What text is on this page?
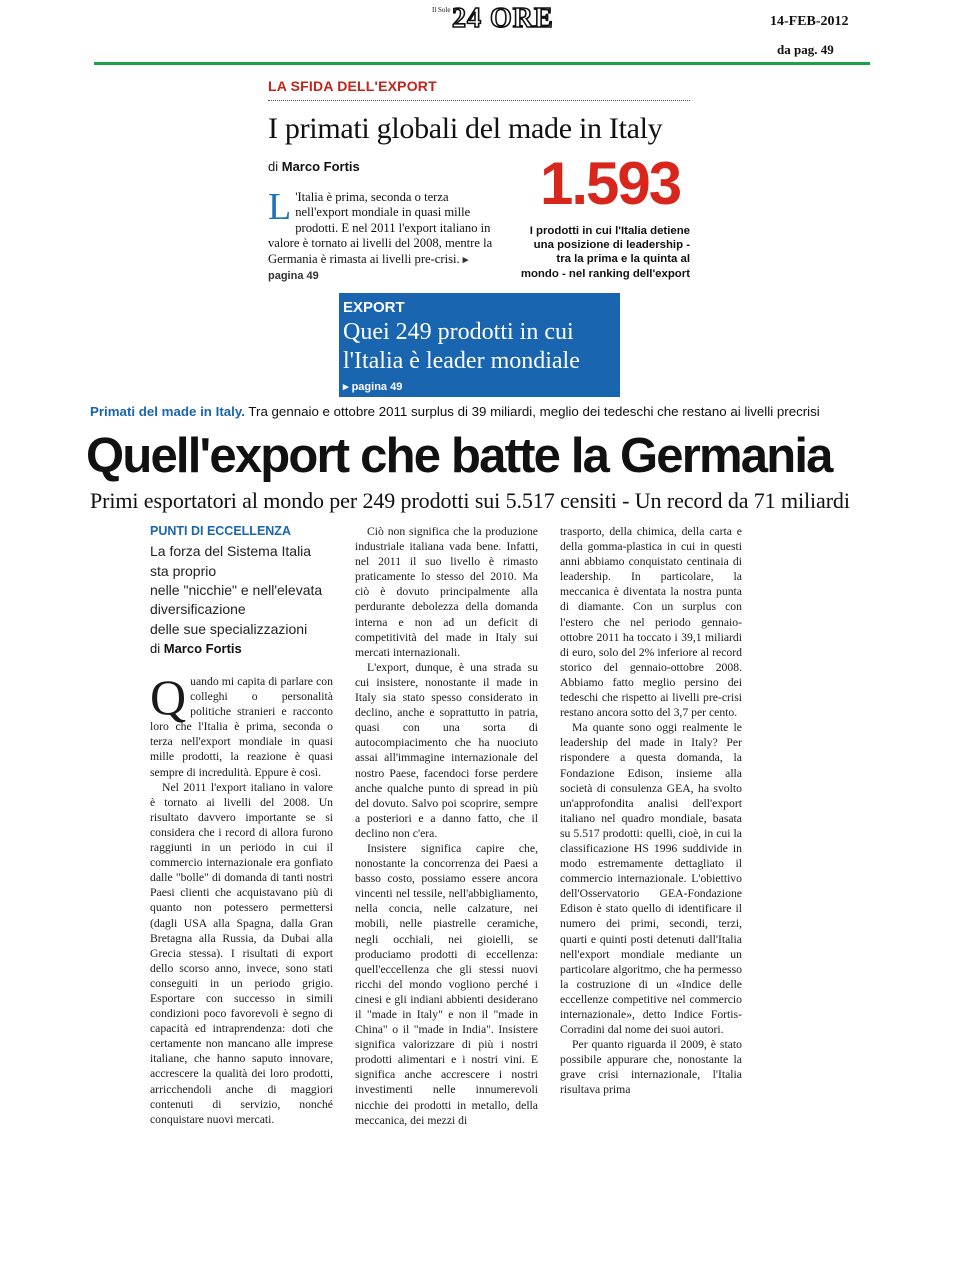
Il Sole 24 ORE	14-FEB-2012
da pag. 49
LA SFIDA DELL'EXPORT
I primati globali del made in Italy
di Marco Fortis
L 'Italia è prima, seconda o terza nell'export mondiale in quasi mille prodotti. E nel 2011 l'export italiano in valore è tornato ai livelli del 2008, mentre la Germania è rimasta ai livelli pre-crisi. ▸ pagina 49
1.593
I prodotti in cui l'Italia detiene una posizione di leadership - tra la prima e la quinta al mondo - nel ranking dell'export
EXPORT
Quei 249 prodotti in cui l'Italia è leader mondiale
▸ pagina 49
Primati del made in Italy. Tra gennaio e ottobre 2011 surplus di 39 miliardi, meglio dei tedeschi che restano ai livelli precrisi
Quell'export che batte la Germania
Primi esportatori al mondo per 249 prodotti sui 5.517 censiti - Un record da 71 miliardi
PUNTI DI ECCELLENZA
La forza del Sistema Italia
sta proprio
nelle "nicchie" e nell'elevata
diversificazione
delle sue specializzazioni
di Marco Fortis

Quando mi capita di parlare con colleghi o personalità politiche stranieri e racconto loro che l'Italia è prima, seconda o terza nell'export mondiale in quasi mille prodotti, la reazione è quasi sempre di incredulità. Eppure è così.

Nel 2011 l'export italiano in valore è tornato ai livelli del 2008. Un risultato davvero importante se si considera che i record di allora furono raggiunti in un periodo in cui il commercio internazionale era gonfiato dalle "bolle" di domanda di tanti nostri Paesi clienti che acquistavano più di quanto non potessero permettersi (dagli USA alla Spagna, dalla Gran Bretagna alla Russia, da Dubai alla Grecia stessa). I risultati di export dello scorso anno, invece, sono stati conseguiti in un periodo grigio. Esportare con successo in simili condizioni poco favorevoli è segno di capacità ed intraprendenza: doti che certamente non mancano alle imprese italiane, che hanno saputo innovare, accrescere la qualità dei loro prodotti, arricchendoli anche di maggiori contenuti di servizio, nonché conquistare nuovi mercati.

Ciò non significa che la produzione industriale italiana vada bene. Infatti, nel 2011 il suo livello è rimasto praticamente lo stesso del 2010. Ma ciò è dovuto principalmente alla perdurante debolezza della domanda interna e non ad un deficit di competitività del made in Italy sui mercati internazionali.

L'export, dunque, è una strada su cui insistere, nonostante il made in Italy sia stato spesso considerato in declino, anche e soprattutto in patria, quasi con una sorta di autocompiacimento che ha nuociuto assai all'immagine internazionale del nostro Paese, facendoci forse perdere anche qualche punto di spread in più del dovuto. Salvo poi scoprire, sempre a posteriori e a danno fatto, che il declino non c'era.

Insistere significa capire che, nonostante la concorrenza dei Paesi a basso costo, possiamo essere ancora vincenti nel tessile, nell'abbigliamento, nella concia, nelle calzature, nei mobili, nelle piastrelle ceramiche, negli occhiali, nei gioielli, se produciamo prodotti di eccellenza: quell'eccellenza che gli stessi nuovi ricchi del mondo vogliono perché i cinesi e gli indiani abbienti desiderano il "made in Italy" e non il "made in China" o il "made in India". Insistere significa valorizzare di più i nostri prodotti alimentari e i nostri vini. E significa anche accrescere i nostri investimenti nelle innumerevoli nicchie dei prodotti in metallo, della meccanica, dei mezzi di

trasporto, della chimica, della carta e della gomma-plastica in cui in questi anni abbiamo conquistato centinaia di leadership. In particolare, la meccanica è diventata la nostra punta di diamante. Con un surplus con l'estero che nel periodo gennaio-ottobre 2011 ha toccato i 39,1 miliardi di euro, solo del 2% inferiore al record storico del gennaio-ottobre 2008. Abbiamo fatto meglio persino dei tedeschi che rispetto ai livelli pre-crisi restano ancora sotto del 3,7 per cento.

Ma quante sono oggi realmente le leadership del made in Italy? Per rispondere a questa domanda, la Fondazione Edison, insieme alla società di consulenza GEA, ha svolto un'approfondita analisi dell'export italiano nel quadro mondiale, basata su 5.517 prodotti: quelli, cioè, in cui la classificazione HS 1996 suddivide in modo estremamente dettagliato il commercio internazionale. L'obiettivo dell'Osservatorio GEA-Fondazione Edison è stato quello di identificare il numero dei primi, secondi, terzi, quarti e quinti posti detenuti dall'Italia nell'export mondiale mediante un particolare algoritmo, che ha permesso la costruzione di un «Indice delle eccellenze competitive nel commercio internazionale», detto Indice Fortis-Corradini dal nome dei suoi autori.

Per quanto riguarda il 2009, è stato possibile appurare che, nonostante la grave crisi internazionale, l'Italia risultava prima
